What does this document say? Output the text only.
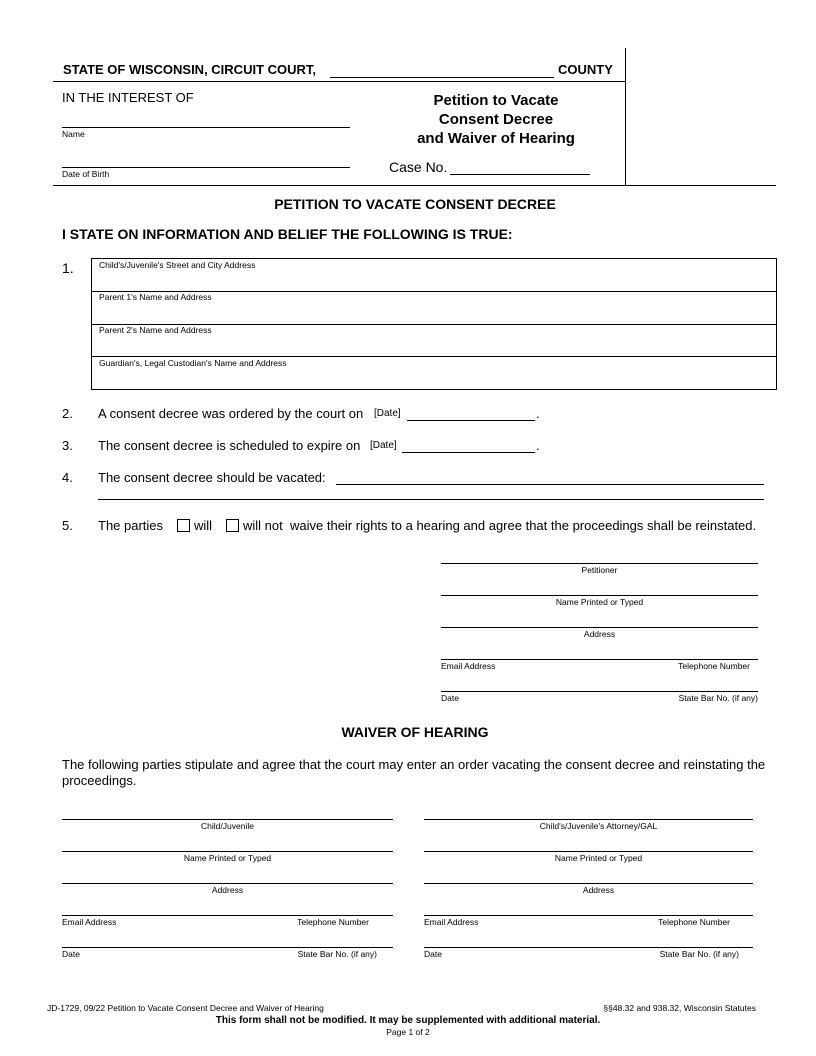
STATE OF WISCONSIN, CIRCUIT COURT,	COUNTY
IN THE INTEREST OF
Name
Date of Birth
Petition to Vacate
Consent Decree
and Waiver of Hearing
Case No.
PETITION TO VACATE CONSENT DECREE
I STATE ON INFORMATION AND BELIEF THE FOLLOWING IS TRUE:
1.	Child's/Juvenile's Street and City Address
Parent 1's Name and Address
Parent 2's Name and Address
Guardian's, Legal Custodian's Name and Address
2. A consent decree was ordered by the court on [Date]	.
3. The consent decree is scheduled to expire on [Date]	.
4. The consent decree should be vacated:
5. The parties will will not waive their rights to a hearing and agree that the proceedings shall be reinstated.
Petitioner
Name Printed or Typed
Address
Email Address	Telephone Number
Date	State Bar No. (if any)
WAIVER OF HEARING
The following parties stipulate and agree that the court may enter an order vacating the consent decree and reinstating the proceedings.
Child/Juvenile
Name Printed or Typed
Address
Email Address	Telephone Number
Date	State Bar No. (if any)
Child's/Juvenile's Attorney/GAL
Name Printed or Typed
Address
Email Address	Telephone Number
Date	State Bar No. (if any)
JD-1729, 09/22 Petition to Vacate Consent Decree and Waiver of Hearing	§§48.32 and 938.32, Wisconsin Statutes
This form shall not be modified. It may be supplemented with additional material.
Page 1 of 2
